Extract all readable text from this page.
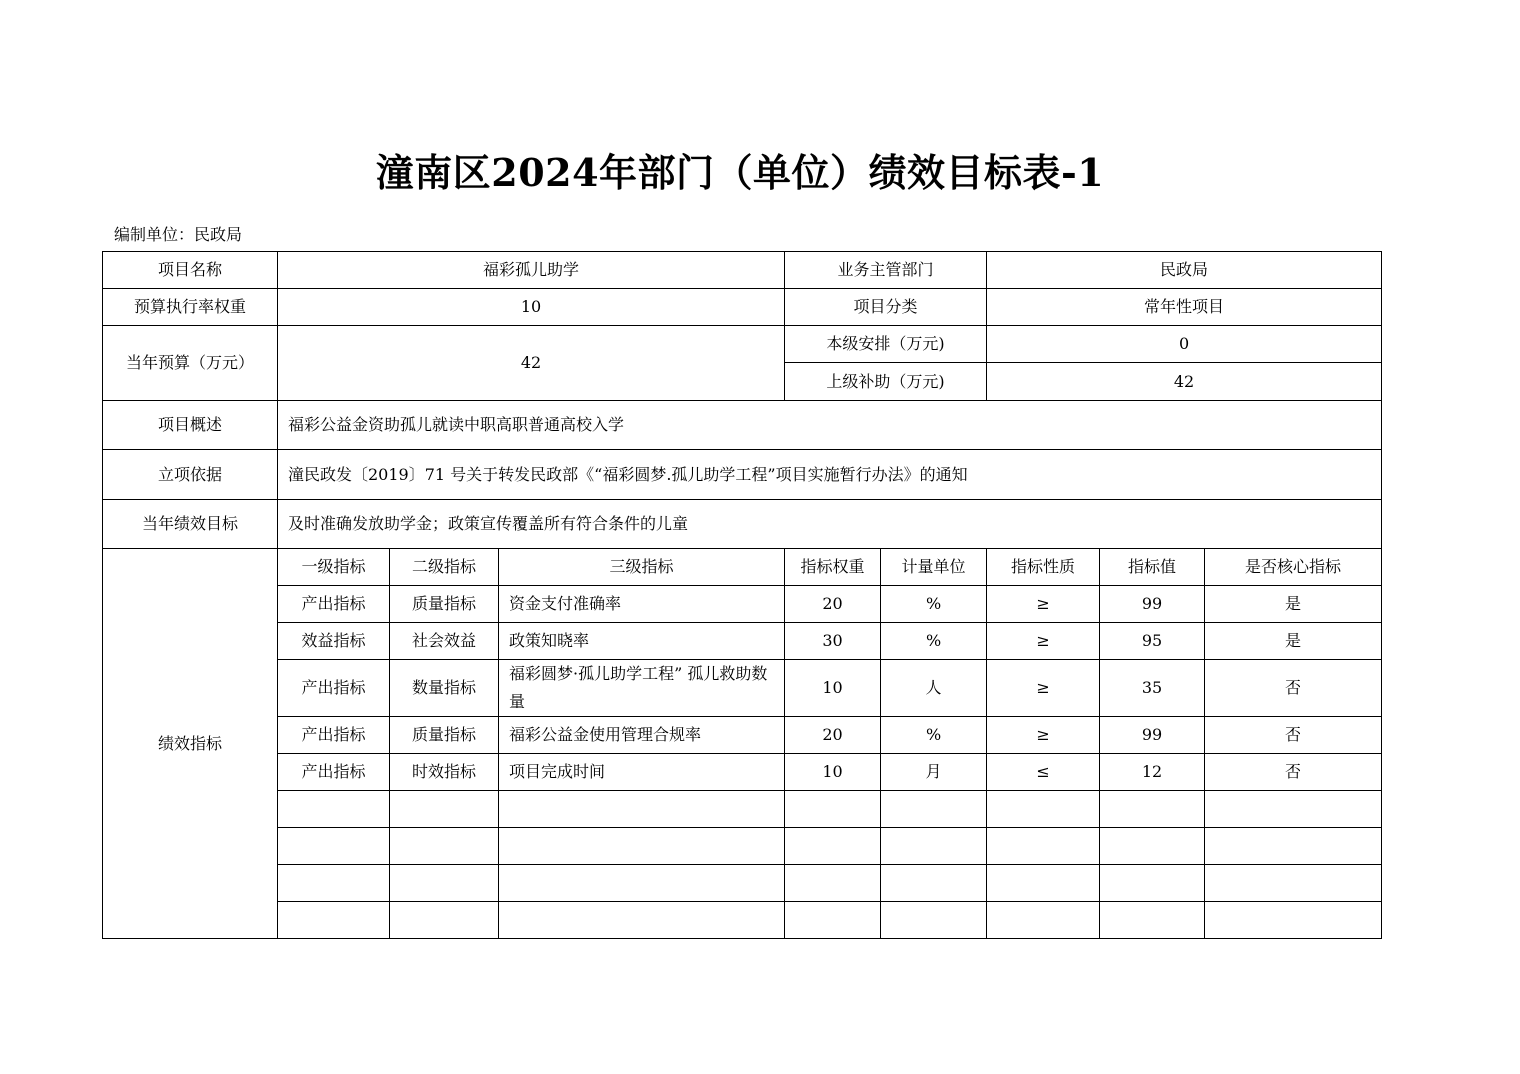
潼南区2024年部门（单位）绩效目标表-1
编制单位：民政局
项目名称	福彩孤儿助学			业务主管部门		民政局		
预算执行率权重	10			项目分类		常年性项目		
当年预算（万元）	42			本级安排（万元)		0		
				上级补助（万元)		42		
项目概述	福彩公益金资助孤儿就读中职高职普通高校入学							
立项依据	潼民政发〔2019〕71 号关于转发民政部《“福彩圆梦.孤儿助学工程”项目实施暂行办法》的通知							
当年绩效目标	及时准确发放助学金；政策宣传覆盖所有符合条件的儿童							
绩效指标	一级指标	二级指标	三级指标	指标权重	计量单位	指标性质	指标值	是否核心指标
	产出指标	质量指标	资金支付准确率	20	%	≥	99	是
	效益指标	社会效益	政策知晓率	30	%	≥	95	是
	产出指标	数量指标	福彩圆梦·孤儿助学工程” 孤儿救助数量	10	人	≥	35	否
	产出指标	质量指标	福彩公益金使用管理合规率	20	%	≥	99	否
	产出指标	时效指标	项目完成时间	10	月	≤	12	否
